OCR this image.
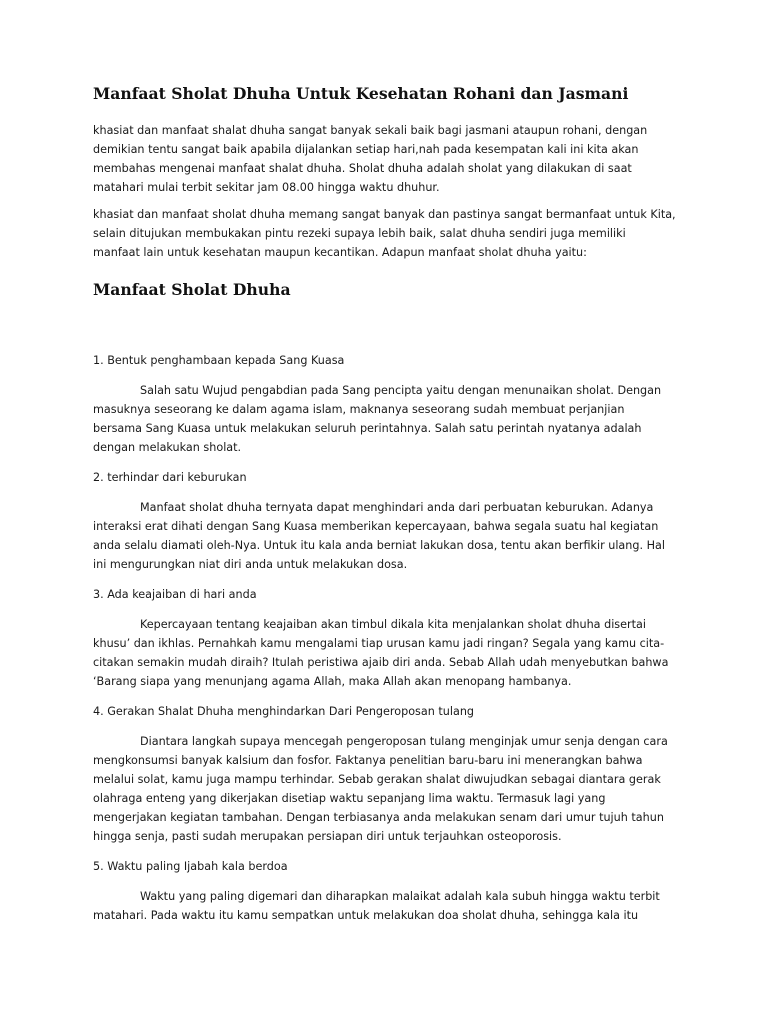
Manfaat Sholat Dhuha Untuk Kesehatan Rohani dan Jasmani

khasiat dan manfaat shalat dhuha sangat banyak sekali baik bagi jasmani ataupun rohani, dengan demikian tentu sangat baik apabila dijalankan setiap hari,nah pada kesempatan kali ini kita akan membahas mengenai manfaat shalat dhuha. Sholat dhuha adalah sholat yang dilakukan di saat matahari mulai terbit sekitar jam 08.00 hingga waktu dhuhur.

khasiat dan manfaat sholat dhuha memang sangat banyak dan pastinya sangat bermanfaat untuk Kita, selain ditujukan membukakan pintu rezeki supaya lebih baik, salat dhuha sendiri juga memiliki manfaat lain untuk kesehatan maupun kecantikan. Adapun manfaat sholat dhuha yaitu:

Manfaat Sholat Dhuha

1. Bentuk penghambaan kepada Sang Kuasa

Salah satu Wujud pengabdian pada Sang pencipta yaitu dengan menunaikan sholat. Dengan masuknya seseorang ke dalam agama islam, maknanya seseorang sudah membuat perjanjian bersama Sang Kuasa untuk melakukan seluruh perintahnya. Salah satu perintah nyatanya adalah dengan melakukan sholat.

2. terhindar dari keburukan

Manfaat sholat dhuha ternyata dapat menghindari anda dari perbuatan keburukan. Adanya interaksi erat dihati dengan Sang Kuasa memberikan kepercayaan, bahwa segala suatu hal kegiatan anda selalu diamati oleh-Nya. Untuk itu kala anda berniat lakukan dosa, tentu akan berfikir ulang. Hal ini mengurungkan niat diri anda untuk melakukan dosa.

3. Ada keajaiban di hari anda

Kepercayaan tentang keajaiban akan timbul dikala kita menjalankan sholat dhuha disertai khusu’ dan ikhlas. Pernahkah kamu mengalami tiap urusan kamu jadi ringan? Segala yang kamu cita-citakan semakin mudah diraih? Itulah peristiwa ajaib diri anda. Sebab Allah udah menyebutkan bahwa ‘Barang siapa yang menunjang agama Allah, maka Allah akan menopang hambanya.

4. Gerakan Shalat Dhuha menghindarkan Dari Pengeroposan tulang

Diantara langkah supaya mencegah pengeroposan tulang menginjak umur senja dengan cara mengkonsumsi banyak kalsium dan fosfor. Faktanya penelitian baru-baru ini menerangkan bahwa melalui solat, kamu juga mampu terhindar. Sebab gerakan shalat diwujudkan sebagai diantara gerak olahraga enteng yang dikerjakan disetiap waktu sepanjang lima waktu. Termasuk lagi yang mengerjakan kegiatan tambahan. Dengan terbiasanya anda melakukan senam dari umur tujuh tahun hingga senja, pasti sudah merupakan persiapan diri untuk terjauhkan osteoporosis.

5. Waktu paling Ijabah kala berdoa

Waktu yang paling digemari dan diharapkan malaikat adalah kala subuh hingga waktu terbit matahari. Pada waktu itu kamu sempatkan untuk melakukan doa sholat dhuha, sehingga kala itu
